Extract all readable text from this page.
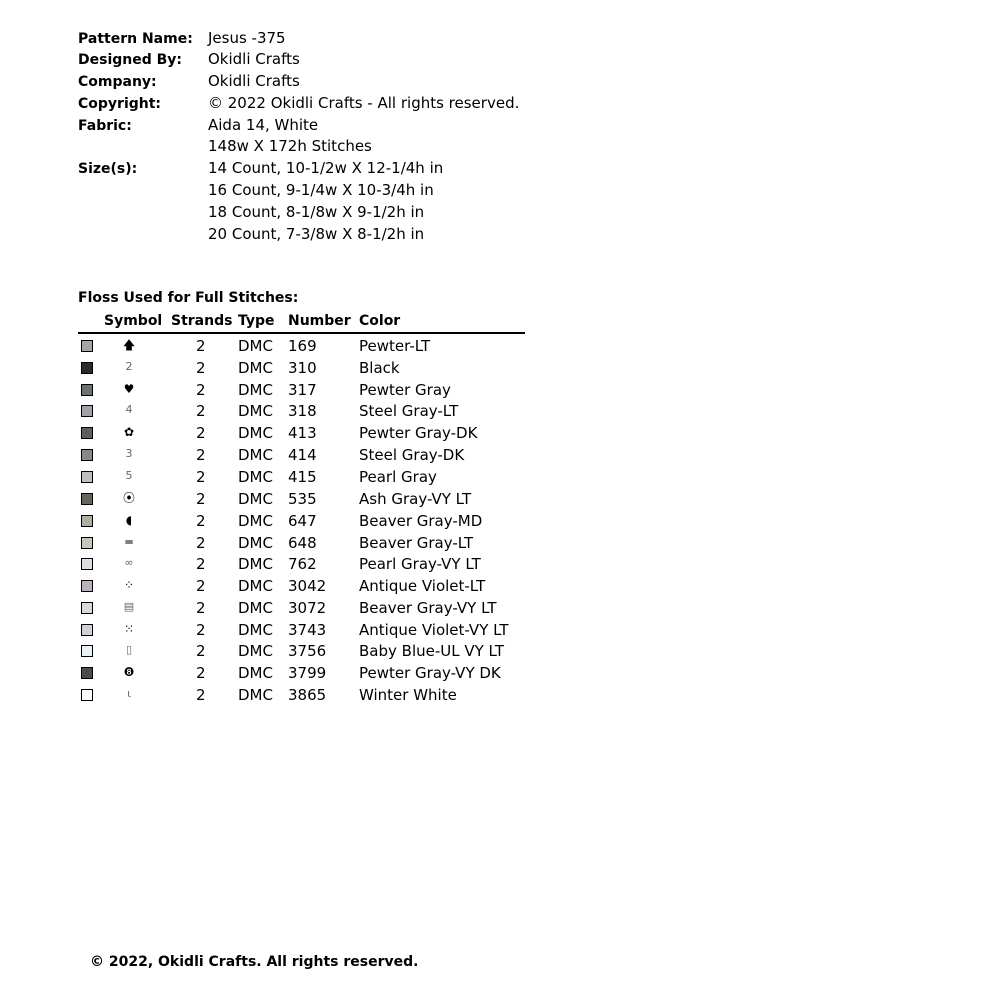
Pattern Name: Jesus -375
Designed By: Okidli Crafts
Company:	Okidli Crafts
Copyright:	© 2022 Okidli Crafts - All rights reserved.
Fabric:	Aida 14, White
148w X 172h Stitches
Size(s):	14 Count, 10-1/2w X 12-1/4h in
16 Count, 9-1/4w X 10-3/4h in
18 Count, 8-1/8w X 9-1/2h in
20 Count, 7-3/8w X 8-1/2h in
Floss Used for Full Stitches:
Symbol Strands Type Number Color
🡅	2 DMC 169	Pewter-LT
2	2 DMC 310	Black
♥	2 DMC 317	Pewter Gray
4	2 DMC 318	Steel Gray-LT
✿	2 DMC 413	Pewter Gray-DK
3	2 DMC 414	Steel Gray-DK
5	2 DMC 415	Pearl Gray
⦿	2 DMC 535	Ash Gray-VY LT
◖	2 DMC 647	Beaver Gray-MD
═	2 DMC 648	Beaver Gray-LT
∞	2 DMC 762	Pearl Gray-VY LT
⁘	2 DMC 3042 Antique Violet-LT
▤	2 DMC 3072 Beaver Gray-VY LT
⁙	2 DMC 3743 Antique Violet-VY LT
▯	2 DMC 3756 Baby Blue-UL VY LT
❽	2 DMC 3799 Pewter Gray-VY DK
⍳	2 DMC 3865 Winter White
© 2022, Okidli Crafts. All rights reserved.
